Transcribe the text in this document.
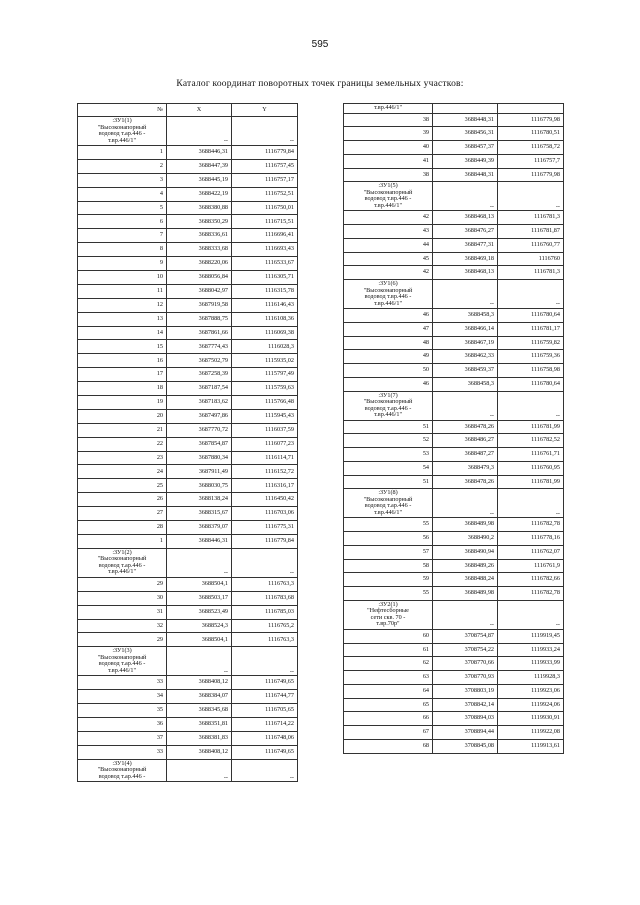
595
Каталог координат поворотных точек границы земельных участков:
№	X	Y
:ЗУ1(1)
"Высоконапорный
водовод т.ар.446 -
т.вр.446/1"	--	--
1	3688446,31	1116779,84
2	3688447,39	1116757,45
3	3688445,19	1116757,17
4	3688422,19	1116752,51
5	3688380,88	1116750,01
6	3688350,29	1116715,51
7	3688336,61	1116696,41
8	3688333,68	1116693,43
9	3688220,06	1116533,67
10	3688056,84	1116305,71
11	3688042,97	1116315,78
12	3687919,58	1116146,43
13	3687888,75	1116108,36
14	3687861,66	1116069,38
15	3687774,43	1116028,3
16	3687502,79	1115935,02
17	3687258,39	1115797,49
18	3687187,54	1115759,63
19	3687183,62	1115766,48
20	3687497,86	1115945,43
21	3687770,72	1116037,59
22	3687854,87	1116077,23
23	3687880,34	1116114,71
24	3687911,49	1116152,72
25	3688030,75	1116316,17
26	3688138,24	1116450,42
27	3688315,67	1116703,06
28	3688379,07	1116775,31
1	3688446,31	1116779,84
:ЗУ1(2)
"Высоконапорный
водовод т.ар.446 -
т.вр.446/1"	--	--
29	3688504,1	1116763,3
30	3688503,17	1116783,68
31	3688523,49	1116785,03
32	3688524,3	1116765,2
29	3688504,1	1116763,3
:ЗУ1(3)
"Высоконапорный
водовод т.ар.446 -
т.вр.446/1"	--	--
33	3688408,12	1116749,65
34	3688384,07	1116744,77
35	3688345,68	1116705,65
36	3688351,81	1116714,22
37	3688381,83	1116748,06
33	3688408,12	1116749,65
:ЗУ1(4)
"Высоконапорный
водовод т.ар.446 -	--	--
т.вр.446/1"		
38	3688448,31	1116779,98
39	3688456,31	1116780,51
40	3688457,37	1116758,72
41	3688449,39	1116757,7
38	3688448,31	1116779,98
:ЗУ1(5)
"Высоконапорный
водовод т.вр.446 -
т.вр.446/1"	--	--
42	3688468,13	1116781,3
43	3688476,27	1116781,87
44	3688477,31	1116760,77
45	3688469,18	1116760
42	3688468,13	1116781,3
:ЗУ1(6)
"Высоконапорный
водовод т.вр.446 -
т.вр.446/1"	--	--
46	3688458,3	1116780,64
47	3688466,14	1116781,17
48	3688467,19	1116759,82
49	3688462,33	1116759,36
50	3688459,37	1116758,98
46	3688458,3	1116780,64
:ЗУ1(7)
"Высоконапорный
водовод т.ар.446 -
т.вр.446/1"	--	--
51	3688478,26	1116781,99
52	3688486,27	1116782,52
53	3688487,27	1116761,71
54	3688479,3	1116760,95
51	3688478,26	1116781,99
:ЗУ1(8)
"Высоконапорный
водовод т.ар.446 -
т.вр.446/1"	--	--
55	3688489,98	1116782,78
56	3688490,2	1116778,16
57	3688490,94	1116762,07
58	3688489,26	1116761,9
59	3688488,24	1116782,66
55	3688489,98	1116782,78
:ЗУ2(1)
"Нефтесборные
сети скв. 70 -
т.вр.70р"	--	--
60	3708754,87	1119919,45
61	3708754,22	1119933,24
62	3708770,66	1119933,99
63	3708770,93	1119928,3
64	3708803,19	1119923,06
65	3708842,14	1119924,06
66	3708894,03	1119930,91
67	3708894,44	1119922,08
68	3708845,08	1119913,61
